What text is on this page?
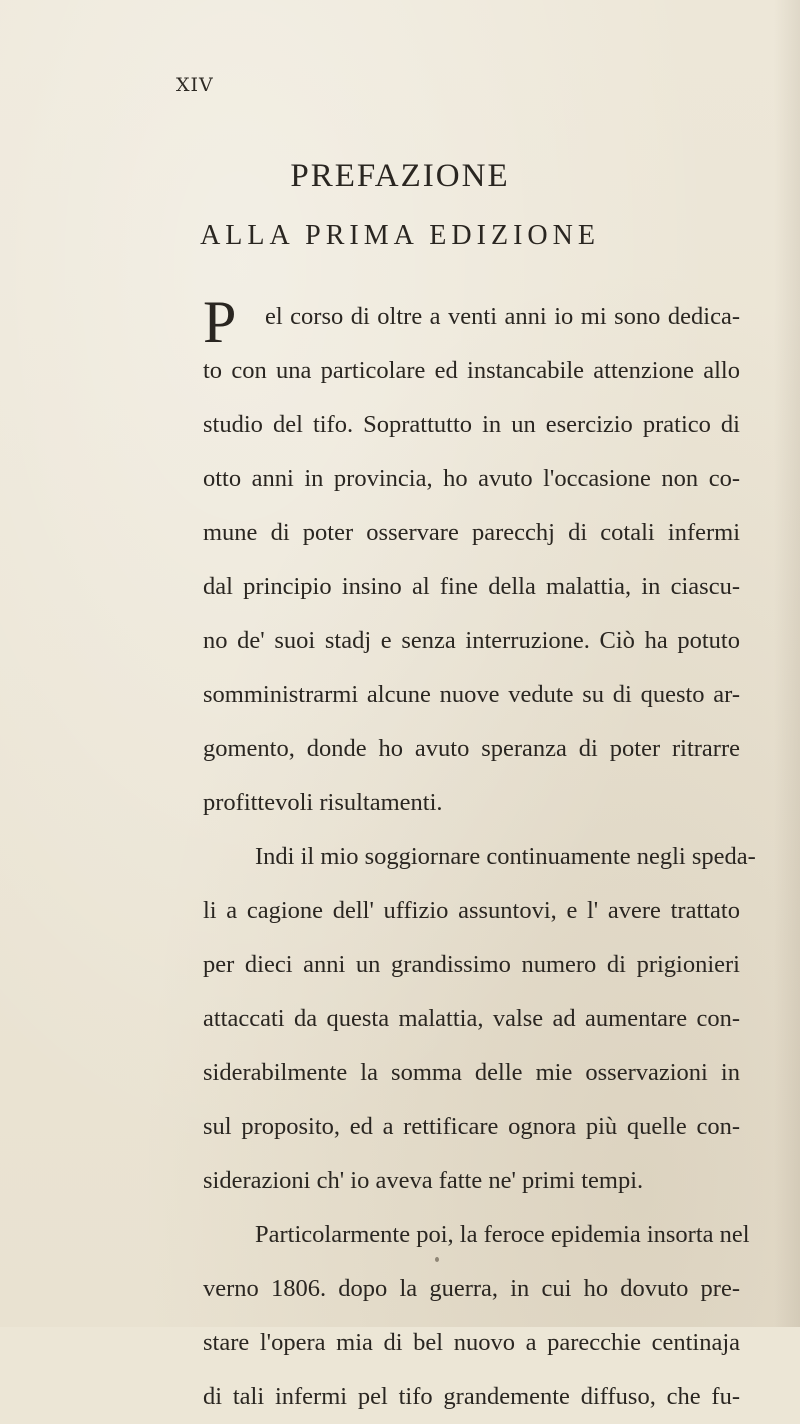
XIV
PREFAZIONE
ALLA PRIMA EDIZIONE
P	el corso di oltre a venti anni io mi sono dedica-
to con una particolare ed instancabile attenzione allo
studio del tifo. Soprattutto in un esercizio pratico di
otto anni in provincia, ho avuto l'occasione non co-
mune di poter osservare parecchj di cotali infermi
dal principio insino al fine della malattia, in ciascu-
no de' suoi stadj e senza interruzione. Ciò ha potuto
somministrarmi alcune nuove vedute su di questo ar-
gomento, donde ho avuto speranza di poter ritrarre
profittevoli risultamenti.
Indi il mio soggiornare continuamente negli speda-
li a cagione dell' uffizio assuntovi, e l' avere trattato
per dieci anni un grandissimo numero di prigionieri
attaccati da questa malattia, valse ad aumentare con-
siderabilmente la somma delle mie osservazioni in
sul proposito, ed a rettificare ognora più quelle con-
siderazioni ch' io aveva fatte ne' primi tempi.
Particolarmente poi, la feroce epidemia insorta nel
verno 1806. dopo la guerra, in cui ho dovuto pre-
stare l'opera mia di bel nuovo a parecchie centinaja
di tali infermi pel tifo grandemente diffuso, che fu-
